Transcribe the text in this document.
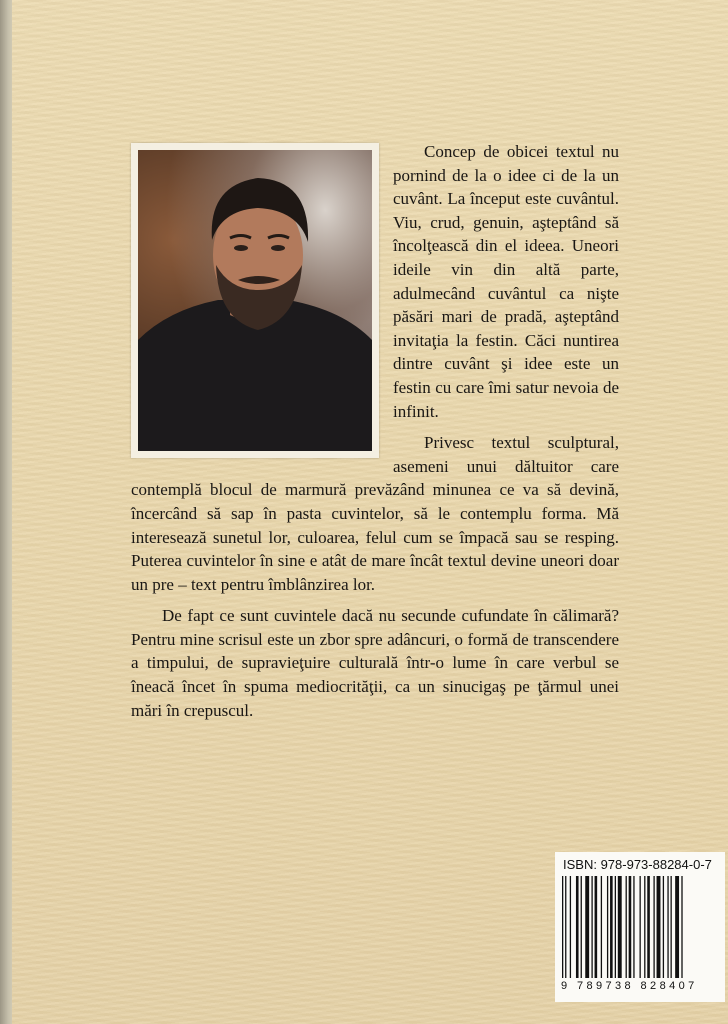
Concep de obicei textul nu pornind de la o idee ci de la un cuvânt. La început este cuvântul. Viu, crud, genuin, aşteptând să încolţească din el ideea. Uneori ideile vin din altă parte, adulmecând cuvântul ca nişte păsări mari de pradă, aşteptând invitaţia la festin. Căci nuntirea dintre cuvânt şi idee este un festin cu care îmi satur nevoia de infinit.

Privesc textul sculptural, asemeni unui dăltuitor care contemplă blocul de marmură prevăzând minunea ce va să devină, încercând să sap în pasta cuvintelor, să le contemplu forma. Mă interesează sunetul lor, culoarea, felul cum se împacă sau se resping. Puterea cuvintelor în sine e atât de mare încât textul devine uneori doar un pre – text pentru îmblânzirea lor.

De fapt ce sunt cuvintele dacă nu secunde cufundate în călimară? Pentru mine scrisul este un zbor spre adâncuri, o formă de transcendere a timpului, de supravieţuire culturală într-o lume în care verbul se îneacă încet în spuma mediocrităţii, ca un sinucigaş pe ţărmul unei mări în crepuscul.

ISBN: 978-973-88284-0-7
9 789738 828407
